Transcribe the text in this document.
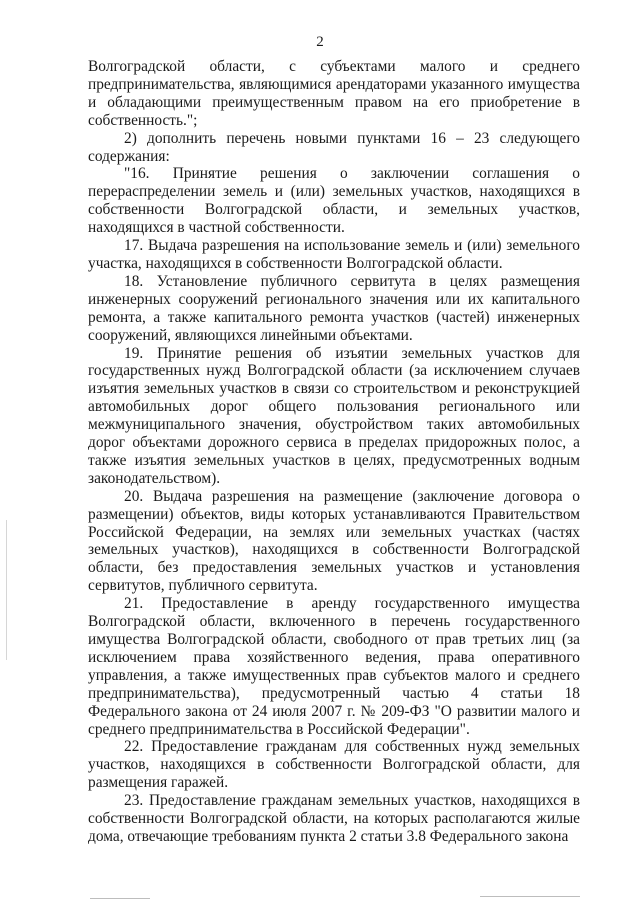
2

Волгоградской области, с субъектами малого и среднего предпринимательства, являющимися арендаторами указанного имущества и обладающими преимущественным правом на его приобретение в собственность.";

2) дополнить перечень новыми пунктами 16 – 23 следующего содержания:

"16. Принятие решения о заключении соглашения о перераспределении земель и (или) земельных участков, находящихся в собственности Волгоградской области, и земельных участков, находящихся в частной собственности.

17. Выдача разрешения на использование земель и (или) земельного участка, находящихся в собственности Волгоградской области.

18. Установление публичного сервитута в целях размещения инженерных сооружений регионального значения или их капитального ремонта, а также капитального ремонта участков (частей) инженерных сооружений, являющихся линейными объектами.

19. Принятие решения об изъятии земельных участков для государственных нужд Волгоградской области (за исключением случаев изъятия земельных участков в связи со строительством и реконструкцией автомобильных дорог общего пользования регионального или межмуниципального значения, обустройством таких автомобильных дорог объектами дорожного сервиса в пределах придорожных полос, а также изъятия земельных участков в целях, предусмотренных водным законодательством).

20. Выдача разрешения на размещение (заключение договора о размещении) объектов, виды которых устанавливаются Правительством Российской Федерации, на землях или земельных участках (частях земельных участков), находящихся в собственности Волгоградской области, без предоставления земельных участков и установления сервитутов, публичного сервитута.

21. Предоставление в аренду государственного имущества Волгоградской области, включенного в перечень государственного имущества Волгоградской области, свободного от прав третьих лиц (за исключением права хозяйственного ведения, права оперативного управления, а также имущественных прав субъектов малого и среднего предпринимательства), предусмотренный частью 4 статьи 18 Федерального закона от 24 июля 2007 г. № 209-ФЗ "О развитии малого и среднего предпринимательства в Российской Федерации".

22. Предоставление гражданам для собственных нужд земельных участков, находящихся в собственности Волгоградской области, для размещения гаражей.

23. Предоставление гражданам земельных участков, находящихся в собственности Волгоградской области, на которых располагаются жилые дома, отвечающие требованиям пункта 2 статьи 3.8 Федерального закона
